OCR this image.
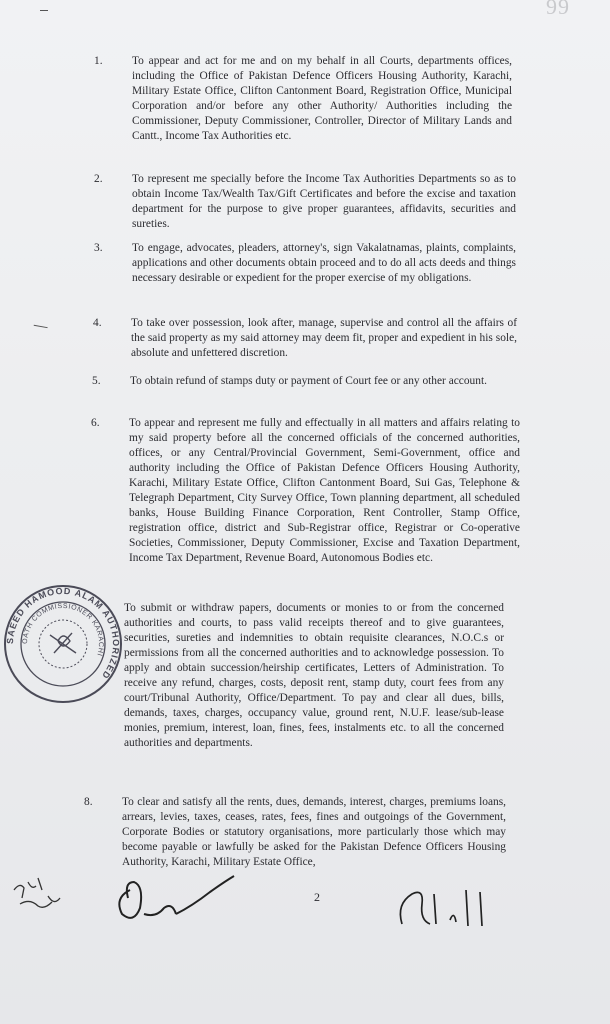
99
1.	To appear and act for me and on my behalf in all Courts, departments offices, including the Office of Pakistan Defence Officers Housing Authority, Karachi, Military Estate Office, Clifton Cantonment Board, Registration Office, Municipal Corporation and/or before any other Authority/ Authorities including the Commissioner, Deputy Commissioner, Controller, Director of Military Lands and Cantt., Income Tax Authorities etc.
2.	To represent me specially before the Income Tax Authorities Departments so as to obtain Income Tax/Wealth Tax/Gift Certificates and before the excise and taxation department for the purpose to give proper guarantees, affidavits, securities and sureties.
3.	To engage, advocates, pleaders, attorney's, sign Vakalatnamas, plaints, complaints, applications and other documents obtain proceed and to do all acts deeds and things necessary desirable or expedient for the proper exercise of my obligations.
4.	To take over possession, look after, manage, supervise and control all the affairs of the said property as my said attorney may deem fit, proper and expedient in his sole, absolute and unfettered discretion.
5.	To obtain refund of stamps duty or payment of Court fee or any other account.
6.	To appear and represent me fully and effectually in all matters and affairs relating to my said property before all the concerned officials of the concerned authorities, offices, or any Central/Provincial Government, Semi-Government, office and authority including the Office of Pakistan Defence Officers Housing Authority, Karachi, Military Estate Office, Clifton Cantonment Board, Sui Gas, Telephone & Telegraph Department, City Survey Office, Town planning department, all scheduled banks, House Building Finance Corporation, Rent Controller, Stamp Office, registration office, district and Sub-Registrar office, Registrar or Co-operative Societies, Commissioner, Deputy Commissioner, Excise and Taxation Department, Income Tax Department, Revenue Board, Autonomous Bodies etc.
To submit or withdraw papers, documents or monies to or from the concerned authorities and courts, to pass valid receipts thereof and to give guarantees, securities, sureties and indemnities to obtain requisite clearances, N.O.C.s or permissions from all the concerned authorities and to acknowledge possession. To apply and obtain succession/heirship certificates, Letters of Administration. To receive any refund, charges, costs, deposit rent, stamp duty, court fees from any court/Tribunal Authority, Office/Department. To pay and clear all dues, bills, demands, taxes, charges, occupancy value, ground rent, N.U.F. lease/sub-lease monies, premium, interest, loan, fines, fees, instalments etc. to all the concerned authorities and departments.
8.	To clear and satisfy all the rents, dues, demands, interest, charges, premiums loans, arrears, levies, taxes, ceases, rates, fees, fines and outgoings of the Government, Corporate Bodies or statutory organisations, more particularly those which may become payable or lawfully be asked for the Pakistan Defence Officers Housing Authority, Karachi, Military Estate Office,
SAEED HAMOOD ALAM AUTHORIZED
OATH COMMISSIONER KARACHI
2
